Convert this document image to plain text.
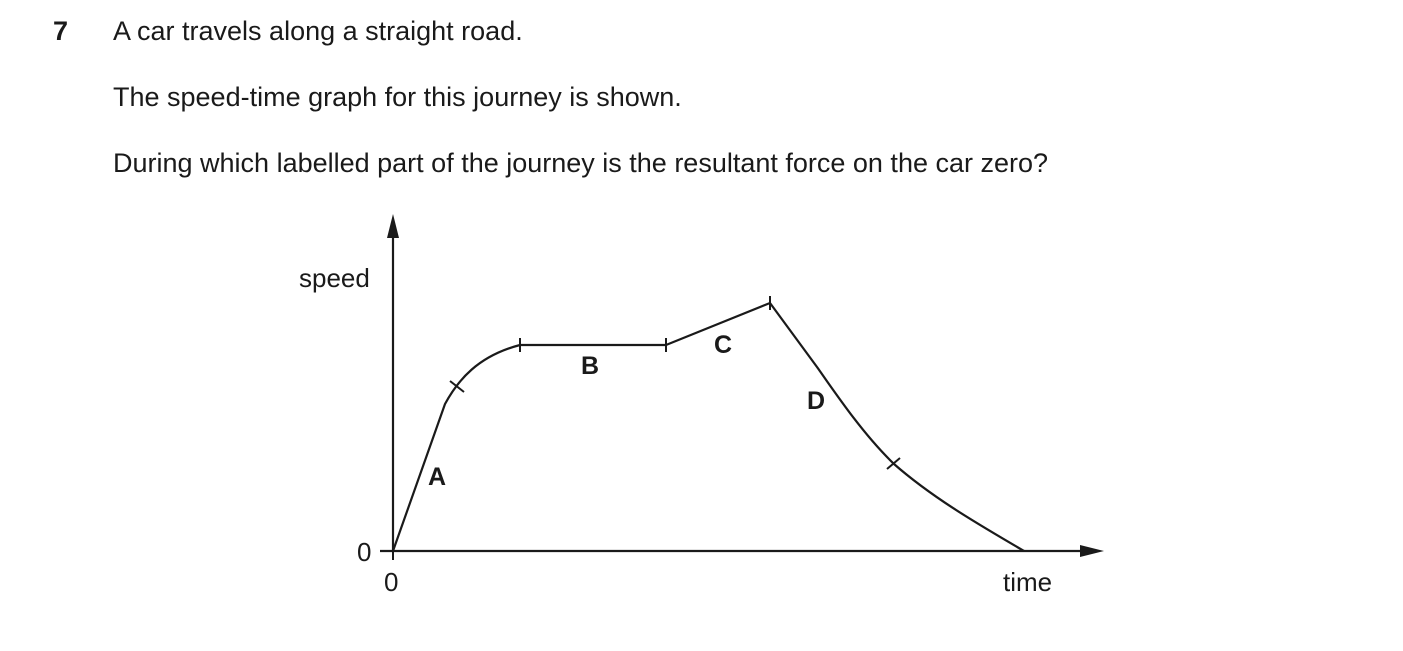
7 A car travels along a straight road.
The speed-time graph for this journey is shown.
During which labelled part of the journey is the resultant force on the car zero?
speed
time
0
0
A
B
C
D
